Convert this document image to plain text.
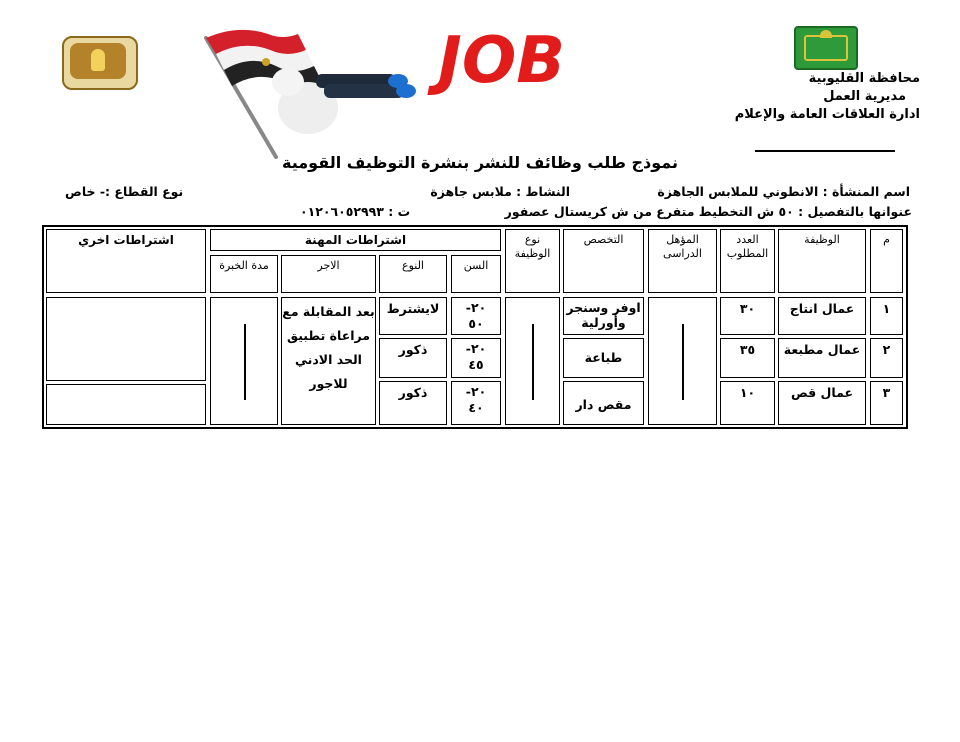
JOB	محافظة القليوبية
مديرية العمل
ادارة العلاقات العامة والإعلام
نموذج طلب وظائف للنشر بنشرة التوظيف القومية
اسم المنشأة : الانطوني للملابس الجاهزة
النشاط : ملابس جاهزة
نوع القطاع :- خاص
عنوانها بالتفصيل : ٥٠ ش التخطيط متفرع من ش كريستال عصفور
ت : ٠١٢٠٦٠٥٢٩٩٣
م
الوظيفة
العدد المطلوب
المؤهل الدراسى
التخصص
نوع الوظيفة
اشتراطات المهنة
السن
النوع
الاجر
مدة الخبرة
اشتراطات اخري
١
عمال انتاج
٣٠
اوفر وسنجر وأورلية
٢٠- ٥٠
لايشترط
٢
عمال مطبعة
٣٥
طباعة
٢٠- ٤٥
ذكور
٣
عمال قص
١٠
مقص دار
٢٠- ٤٠
ذكور
بعد المقابلة مع
مراعاة تطبيق
الحد الادني
للاجور
